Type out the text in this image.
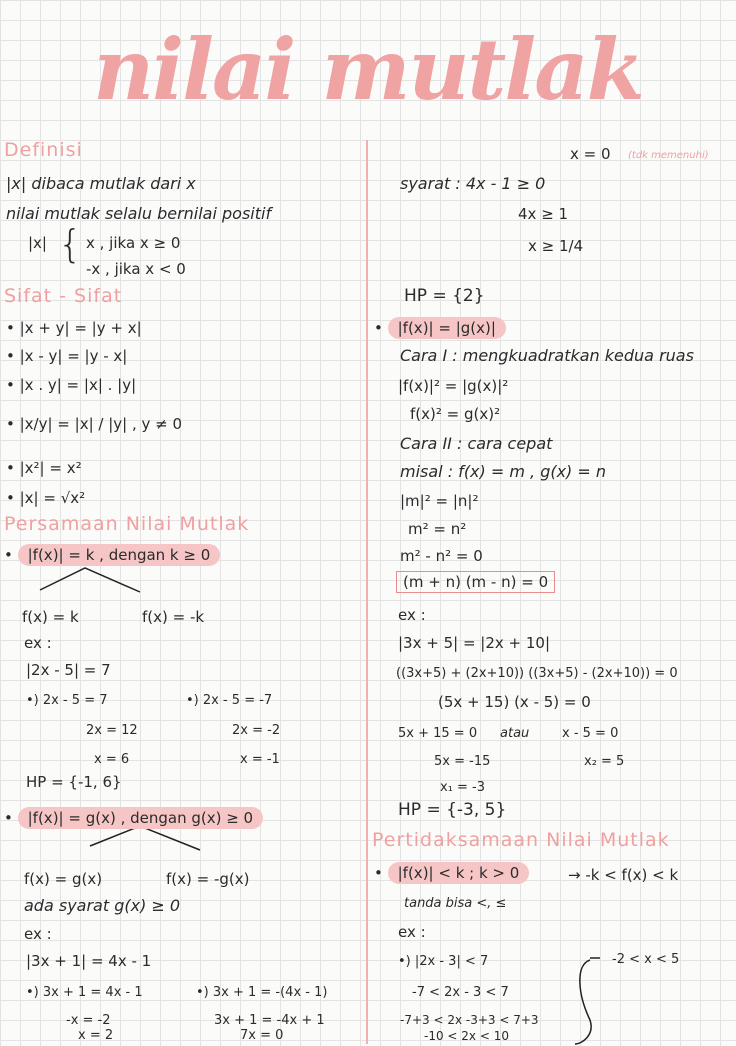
nilai mutlak
Definisi
|x| dibaca mutlak dari x
nilai mutlak selalu bernilai positif
|x| { x , jika x ≥ 0
-x , jika x < 0
Sifat - Sifat
• |x + y| = |y + x|
• |x - y| = |y - x|
• |x . y| = |x| . |y|
• |x/y| = |x| / |y| , y ≠ 0
• |x²| = x²
• |x| = √x²
Persamaan Nilai Mutlak
• |f(x)| = k , dengan k ≥ 0
f(x) = k	f(x) = -k
ex :
|2x - 5| = 7
•) 2x - 5 = 7
2x = 12
x = 6
•) 2x - 5 = -7
2x = -2
x = -1
HP = {-1, 6}
• |f(x)| = g(x) , dengan g(x) ≥ 0
f(x) = g(x)	f(x) = -g(x)
ada syarat g(x) ≥ 0
ex :
|3x + 1| = 4x - 1
•) 3x + 1 = 4x - 1
-x = -2
x = 2
•) 3x + 1 = -(4x - 1)
3x + 1 = -4x + 1
7x = 0
x = 0 (tdk memenuhi)
syarat : 4x - 1 ≥ 0
4x ≥ 1
x ≥ 1/4
HP = {2}
• |f(x)| = |g(x)|
Cara I : mengkuadratkan kedua ruas
|f(x)|² = |g(x)|²
f(x)² = g(x)²
Cara II : cara cepat
misal : f(x) = m , g(x) = n
|m|² = |n|²
m² = n²
m² - n² = 0
(m + n) (m - n) = 0
ex :
|3x + 5| = |2x + 10|
((3x+5) + (2x+10)) ((3x+5) - (2x+10)) = 0
(5x + 15) (x - 5) = 0
5x + 15 = 0 atau	x - 5 = 0
5x = -15	x₂ = 5
x₁ = -3
HP = {-3, 5}
Pertidaksamaan Nilai Mutlak
• |f(x)| < k ; k > 0	→ -k < f(x) < k
tanda bisa <, ≤
ex :
•) |2x - 3| < 7
-7 < 2x - 3 < 7
-7+3 < 2x -3+3 < 7+3
-10 < 2x < 10
-2 < x < 5
